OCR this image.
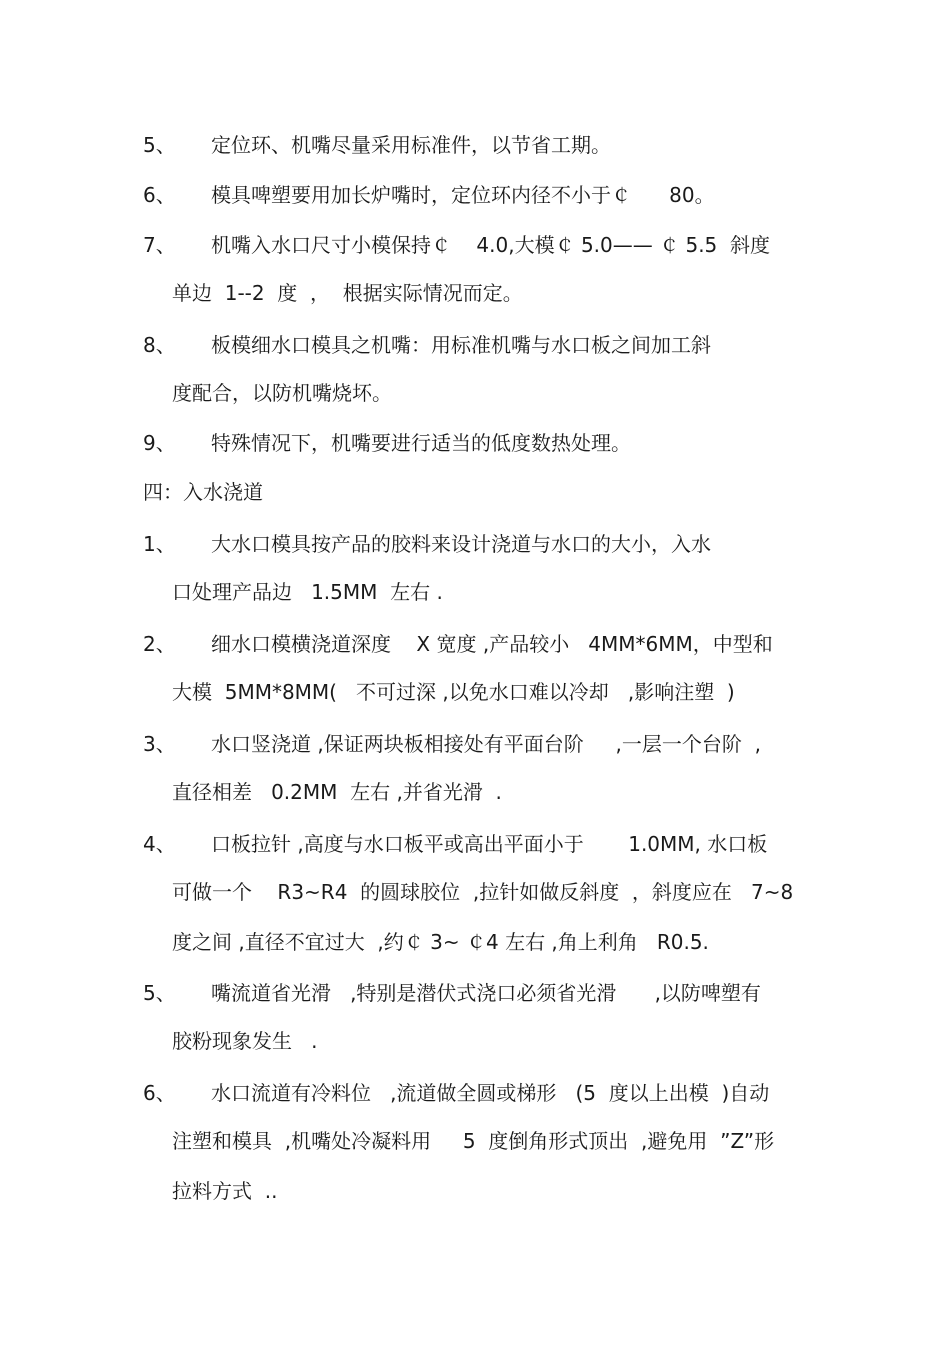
5、 定位环、机嘴尽量采用标准件，以节省工期。
6、 模具啤塑要用加长炉嘴时，定位环内径不小于￠      80。
7、 机嘴入水口尺寸小模保持￠    4.0,大模￠ 5.0—— ￠ 5.5  斜度
单边  1--2  度  ，  根据实际情况而定。
8、 板模细水口模具之机嘴：用标准机嘴与水口板之间加工斜
度配合，以防机嘴烧坏。
9、 特殊情况下，机嘴要进行适当的低度数热处理。
四：入水浇道
1、 大水口模具按产品的胶料来设计浇道与水口的大小，入水
口处理产品边   1.5MM  左右 .
2、 细水口模横浇道深度    X 宽度 ,产品较小   4MM*6MM，中型和
大模  5MM*8MM(   不可过深 ,以免水口难以冷却   ,影响注塑  )
3、 水口竖浇道 ,保证两块板相接处有平面台阶     ,一层一个台阶  ,
直径相差   0.2MM  左右 ,并省光滑  .
4、 口板拉针 ,高度与水口板平或高出平面小于       1.0MM, 水口板
可做一个    R3~R4  的圆球胶位  ,拉针如做反斜度  ，斜度应在   7~8
度之间 ,直径不宜过大  ,约￠ 3~ ￠4 左右 ,角上利角   R0.5.
5、 嘴流道省光滑   ,特别是潜伏式浇口必须省光滑      ,以防啤塑有
胶粉现象发生   .
6、 水口流道有冷料位   ,流道做全圆或梯形   (5  度以上出模  )自动
注塑和模具  ,机嘴处冷凝料用     5  度倒角形式顶出  ,避免用  ”Z”形
拉料方式  ..
